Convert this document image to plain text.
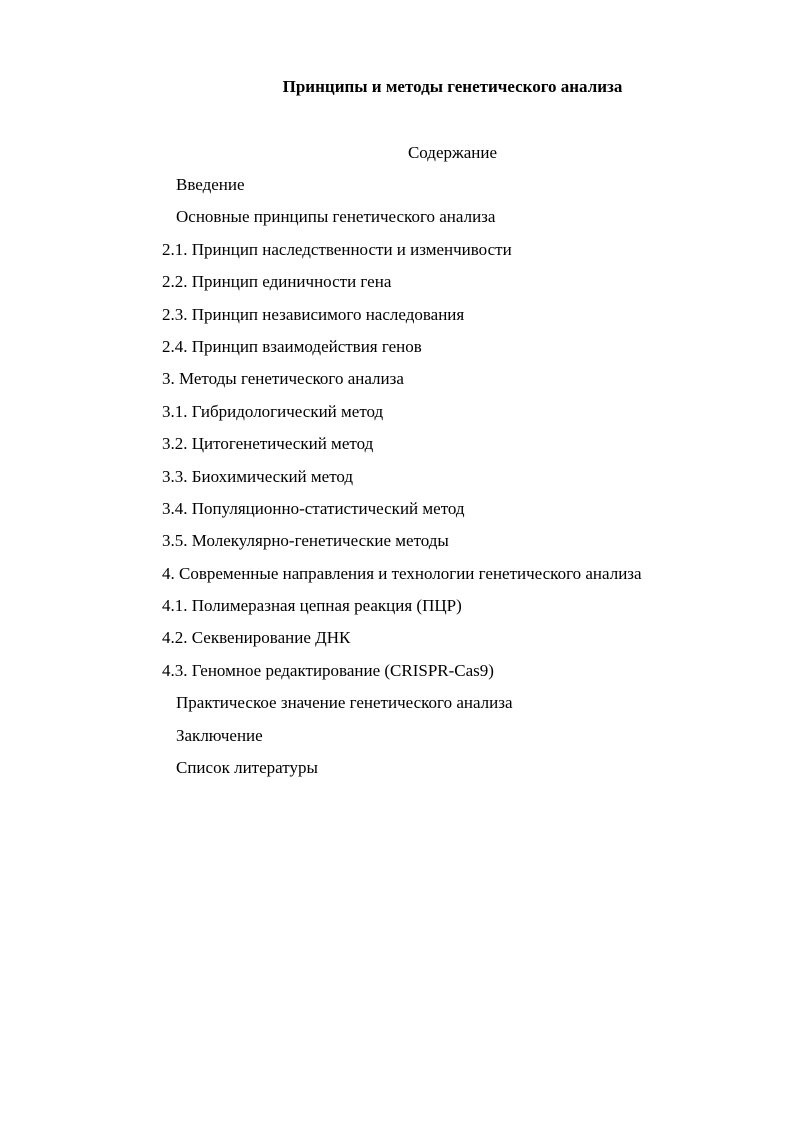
Принципы и методы генетического анализа
Содержание
Введение
Основные принципы генетического анализа
2.1. Принцип наследственности и изменчивости
2.2. Принцип единичности гена
2.3. Принцип независимого наследования
2.4. Принцип взаимодействия генов
3. Методы генетического анализа
3.1. Гибридологический метод
3.2. Цитогенетический метод
3.3. Биохимический метод
3.4. Популяционно-статистический метод
3.5. Молекулярно-генетические методы
4. Современные направления и технологии генетического анализа
4.1. Полимеразная цепная реакция (ПЦР)
4.2. Секвенирование ДНК
4.3. Геномное редактирование (CRISPR-Cas9)
Практическое значение генетического анализа
Заключение
Список литературы
